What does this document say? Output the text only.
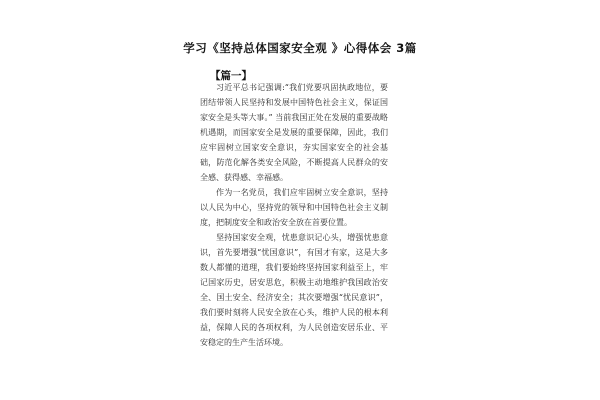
学习《坚持总体国家安全观 》心得体会 3篇
【篇一】

习近平总书记强调:“我们党要巩固执政地位，要团结带领人民坚持和发展中国特色社会主义，保证国家安全是头等大事。” 当前我国正处在发展的重要战略机遇期，而国家安全是发展的重要保障，因此，我们应牢固树立国家安全意识，夯实国家安全的社会基础，防范化解各类安全风险，不断提高人民群众的安全感、获得感、幸福感。

作为一名党员，我们应牢固树立安全意识，坚持以人民为中心，坚持党的领导和中国特色社会主义制度，把制度安全和政治安全放在首要位置。

坚持国家安全观，忧患意识记心头，增强忧患意识，首先要增强“忧国意识”，有国才有家，这是大多数人都懂的道理，我们要始终坚持国家利益至上，牢记国家历史，居安思危，积极主动地维护我国政治安全、国土安全、经济安全；其次要增强“忧民意识”，我们要时刻将人民安全放在心头，维护人民的根本利益，保障人民的各项权利，为人民创造安居乐业、平安稳定的生产生活环境。
